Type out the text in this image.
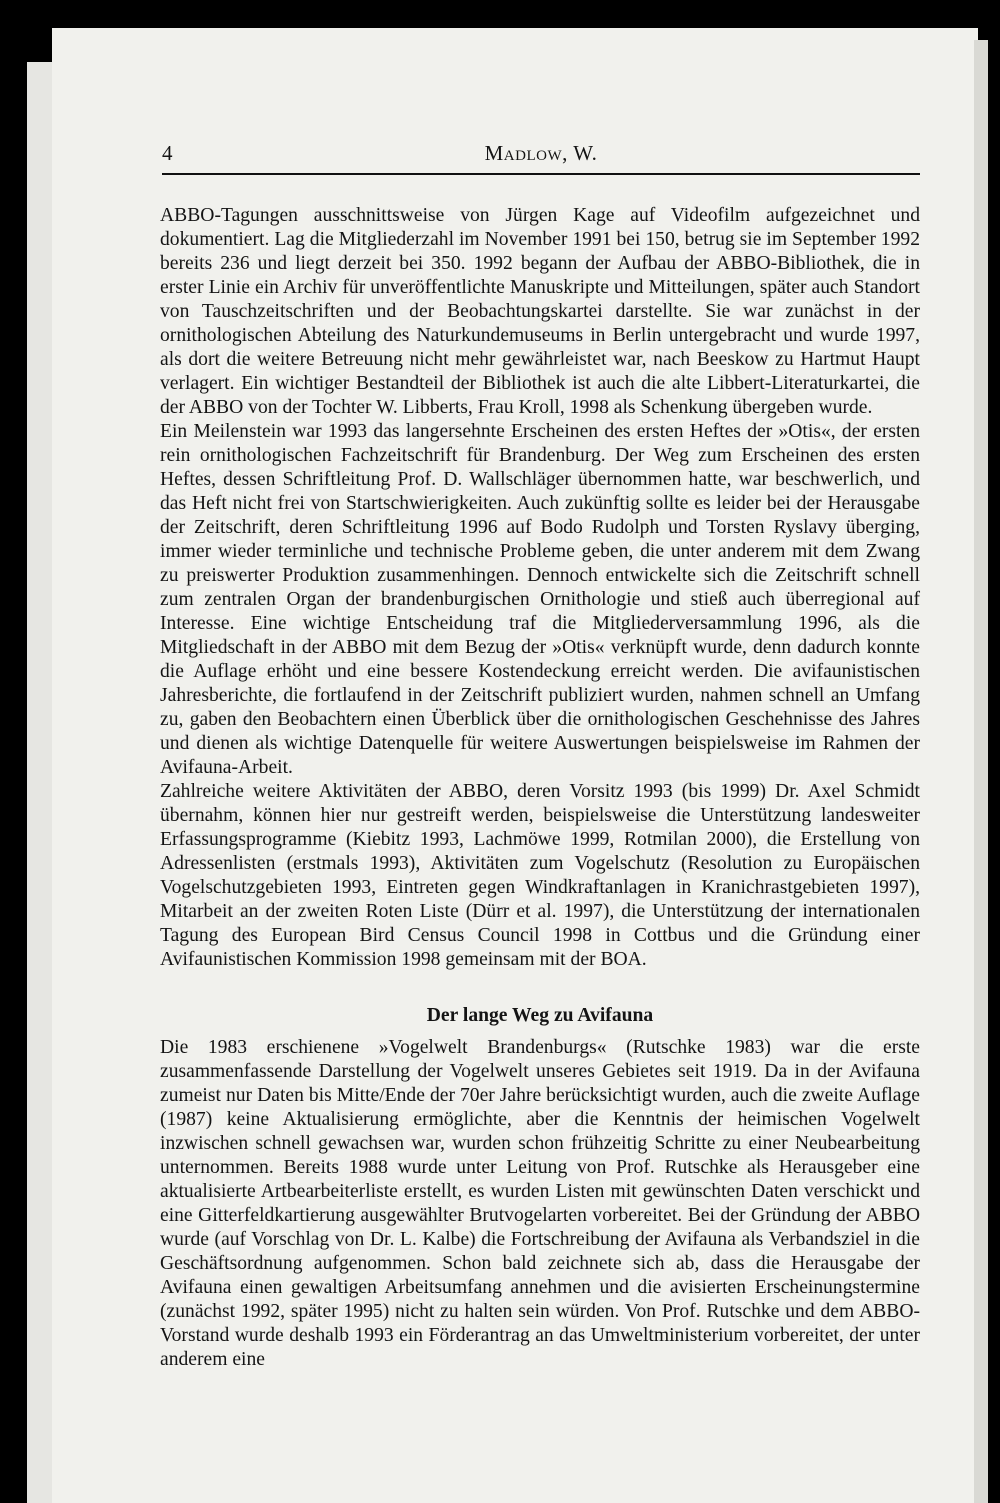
4	Madlow, W.

ABBO-Tagungen ausschnittsweise von Jürgen Kage auf Videofilm aufgezeichnet und dokumentiert. Lag die Mitgliederzahl im November 1991 bei 150, betrug sie im September 1992 bereits 236 und liegt derzeit bei 350. 1992 begann der Aufbau der ABBO-Bibliothek, die in erster Linie ein Archiv für unveröffentlichte Manuskripte und Mitteilungen, später auch Standort von Tauschzeitschriften und der Beobachtungskartei darstellte. Sie war zunächst in der ornithologischen Abteilung des Naturkundemuseums in Berlin untergebracht und wurde 1997, als dort die weitere Betreuung nicht mehr gewährleistet war, nach Beeskow zu Hartmut Haupt verlagert. Ein wichtiger Bestandteil der Bibliothek ist auch die alte Libbert-Literaturkartei, die der ABBO von der Tochter W. Libberts, Frau Kroll, 1998 als Schenkung übergeben wurde.

Ein Meilenstein war 1993 das langersehnte Erscheinen des ersten Heftes der »Otis«, der ersten rein ornithologischen Fachzeitschrift für Brandenburg. Der Weg zum Erscheinen des ersten Heftes, dessen Schriftleitung Prof. D. Wallschläger übernommen hatte, war beschwerlich, und das Heft nicht frei von Startschwierigkeiten. Auch zukünftig sollte es leider bei der Herausgabe der Zeitschrift, deren Schriftleitung 1996 auf Bodo Rudolph und Torsten Ryslavy überging, immer wieder terminliche und technische Probleme geben, die unter anderem mit dem Zwang zu preiswerter Produktion zusammenhingen. Dennoch entwickelte sich die Zeitschrift schnell zum zentralen Organ der brandenburgischen Ornithologie und stieß auch überregional auf Interesse. Eine wichtige Entscheidung traf die Mitgliederversammlung 1996, als die Mitgliedschaft in der ABBO mit dem Bezug der »Otis« verknüpft wurde, denn dadurch konnte die Auflage erhöht und eine bessere Kostendeckung erreicht werden. Die avifaunistischen Jahresberichte, die fortlaufend in der Zeitschrift publiziert wurden, nahmen schnell an Umfang zu, gaben den Beobachtern einen Überblick über die ornithologischen Geschehnisse des Jahres und dienen als wichtige Datenquelle für weitere Auswertungen beispielsweise im Rahmen der Avifauna-Arbeit.

Zahlreiche weitere Aktivitäten der ABBO, deren Vorsitz 1993 (bis 1999) Dr. Axel Schmidt übernahm, können hier nur gestreift werden, beispielsweise die Unterstützung landesweiter Erfassungsprogramme (Kiebitz 1993, Lachmöwe 1999, Rotmilan 2000), die Erstellung von Adressenlisten (erstmals 1993), Aktivitäten zum Vogelschutz (Resolution zu Europäischen Vogelschutzgebieten 1993, Eintreten gegen Windkraftanlagen in Kranichrastgebieten 1997), Mitarbeit an der zweiten Roten Liste (Dürr et al. 1997), die Unterstützung der internationalen Tagung des European Bird Census Council 1998 in Cottbus und die Gründung einer Avifaunistischen Kommission 1998 gemeinsam mit der BOA.

Der lange Weg zu Avifauna

Die 1983 erschienene »Vogelwelt Brandenburgs« (Rutschke 1983) war die erste zusammenfassende Darstellung der Vogelwelt unseres Gebietes seit 1919. Da in der Avifauna zumeist nur Daten bis Mitte/Ende der 70er Jahre berücksichtigt wurden, auch die zweite Auflage (1987) keine Aktualisierung ermöglichte, aber die Kenntnis der heimischen Vogelwelt inzwischen schnell gewachsen war, wurden schon frühzeitig Schritte zu einer Neubearbeitung unternommen. Bereits 1988 wurde unter Leitung von Prof. Rutschke als Herausgeber eine aktualisierte Artbearbeiterliste erstellt, es wurden Listen mit gewünschten Daten verschickt und eine Gitterfeldkartierung ausgewählter Brutvogelarten vorbereitet. Bei der Gründung der ABBO wurde (auf Vorschlag von Dr. L. Kalbe) die Fortschreibung der Avifauna als Verbandsziel in die Geschäftsordnung aufgenommen. Schon bald zeichnete sich ab, dass die Herausgabe der Avifauna einen gewaltigen Arbeitsumfang annehmen und die avisierten Erscheinungstermine (zunächst 1992, später 1995) nicht zu halten sein würden. Von Prof. Rutschke und dem ABBO-Vorstand wurde deshalb 1993 ein Förderantrag an das Umweltministerium vorbereitet, der unter anderem eine
